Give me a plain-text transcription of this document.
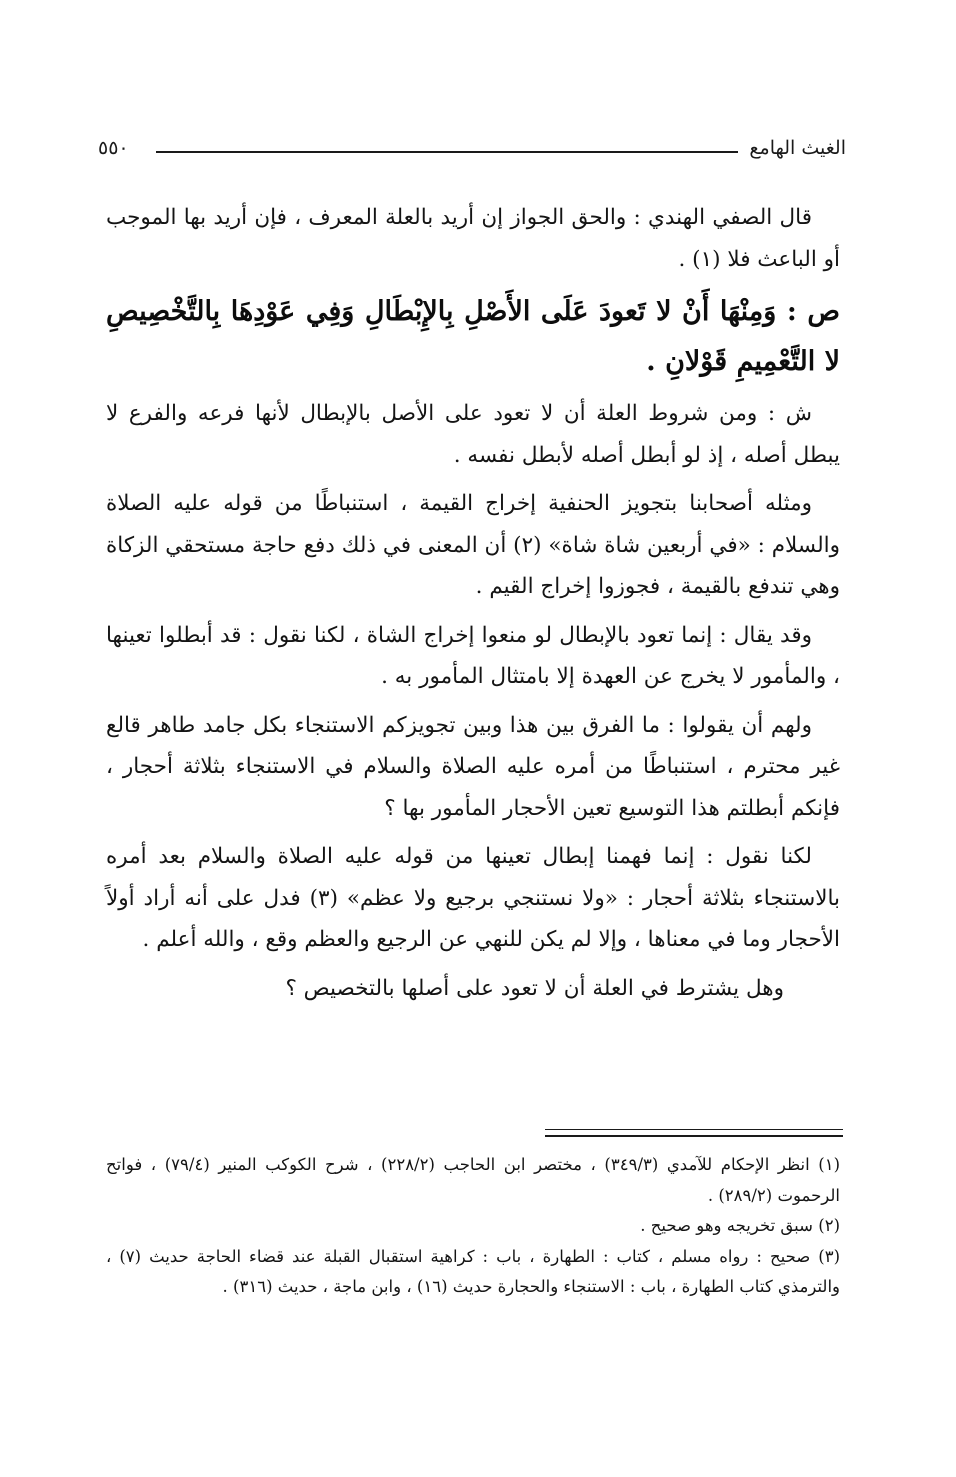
الغيث الهامع
٥٥٠

قال الصفي الهندي : والحق الجواز إن أريد بالعلة المعرف ، فإن أريد بها الموجب أو الباعث فلا (١) .

ص : وَمِنْهَا أَنْ لا تَعودَ عَلَى الأَصْلِ بِالإِبْطَالِ وَفِي عَوْدِهَا بِالتَّخْصِيصِ لا التَّعْمِيمِ قَوْلانِ .

ش : ومن شروط العلة أن لا تعود على الأصل بالإبطال لأنها فرعه والفرع لا يبطل أصله ، إذ لو أبطل أصله لأبطل نفسه .

ومثله أصحابنا بتجويز الحنفية إخراج القيمة ، استنباطًا من قوله عليه الصلاة والسلام : «في أربعين شاة شاة» (٢) أن المعنى في ذلك دفع حاجة مستحقي الزكاة وهي تندفع بالقيمة ، فجوزوا إخراج القيم .

وقد يقال : إنما تعود بالإبطال لو منعوا إخراج الشاة ، لكنا نقول : قد أبطلوا تعينها ، والمأمور لا يخرج عن العهدة إلا بامتثال المأمور به .

ولهم أن يقولوا : ما الفرق بين هذا وبين تجويزكم الاستنجاء بكل جامد طاهر قالع غير محترم ، استنباطًا من أمره عليه الصلاة والسلام في الاستنجاء بثلاثة أحجار ، فإنكم أبطلتم هذا التوسيع تعين الأحجار المأمور بها ؟

لكنا نقول : إنما فهمنا إبطال تعينها من قوله عليه الصلاة والسلام بعد أمره بالاستنجاء بثلاثة أحجار : «ولا نستنجي برجيع ولا عظم» (٣) فدل على أنه أراد أولاً الأحجار وما في معناها ، وإلا لم يكن للنهي عن الرجيع والعظم وقع ، والله أعلم .

وهل يشترط في العلة أن لا تعود على أصلها بالتخصيص ؟

(١) انظر الإحكام للآمدي (٣٤٩/٣) ، مختصر ابن الحاجب (٢٢٨/٢) ، شرح الكوكب المنير (٧٩/٤) ، فواتح الرحموت (٢٨٩/٢) .

(٢) سبق تخريجه وهو صحيح .

(٣) صحيح : رواه مسلم ، كتاب : الطهارة ، باب : كراهية استقبال القبلة عند قضاء الحاجة حديث (٧) ، والترمذي كتاب الطهارة ، باب : الاستنجاء والحجارة حديث (١٦) ، وابن ماجة ، حديث (٣١٦) .
